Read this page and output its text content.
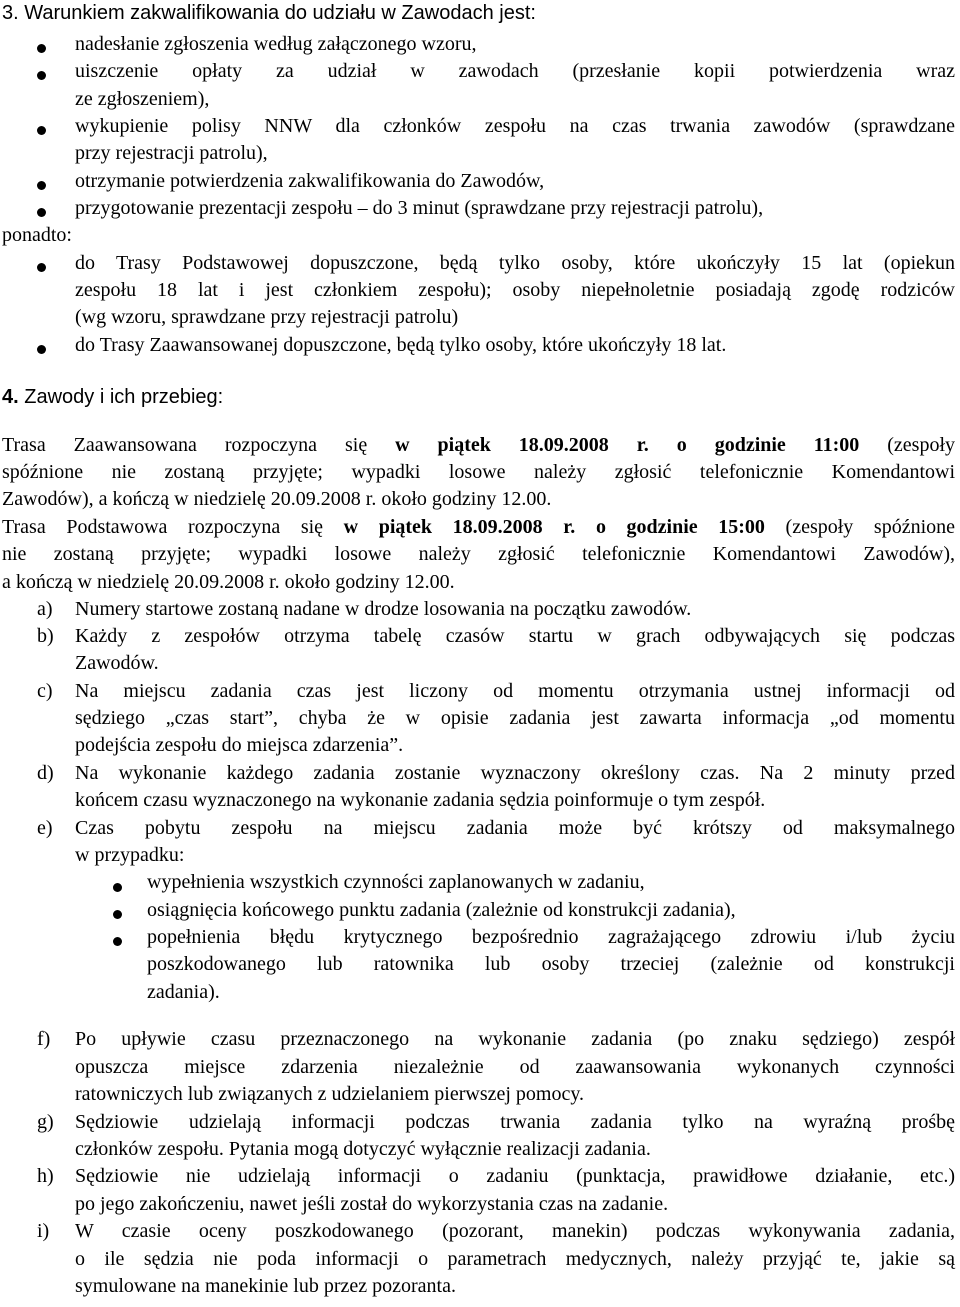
3. Warunkiem zakwalifikowania do udziału w Zawodach jest:
nadesłanie zgłoszenia według załączonego wzoru,
uiszczenie opłaty za udział w zawodach (przesłanie kopii potwierdzenia wraz
ze zgłoszeniem),
wykupienie polisy NNW dla członków zespołu na czas trwania zawodów (sprawdzane
przy rejestracji patrolu),
otrzymanie potwierdzenia zakwalifikowania do Zawodów,
przygotowanie prezentacji zespołu – do 3 minut (sprawdzane przy rejestracji patrolu),
ponadto:
do Trasy Podstawowej dopuszczone, będą tylko osoby, które ukończyły 15 lat (opiekun
zespołu 18 lat i jest członkiem zespołu); osoby niepełnoletnie posiadają zgodę rodziców
(wg wzoru, sprawdzane przy rejestracji patrolu)
do Trasy Zaawansowanej dopuszczone, będą tylko osoby, które ukończyły 18 lat.
4. Zawody i ich przebieg:
Trasa Zaawansowana rozpoczyna się w piątek 18.09.2008 r. o godzinie 11:00 (zespoły
spóźnione nie zostaną przyjęte; wypadki losowe należy zgłosić telefonicznie Komendantowi
Zawodów), a kończą w niedzielę 20.09.2008 r. około godziny 12.00.
Trasa Podstawowa rozpoczyna się w piątek 18.09.2008 r. o godzinie 15:00 (zespoły spóźnione
nie zostaną przyjęte; wypadki losowe należy zgłosić telefonicznie Komendantowi Zawodów),
a kończą w niedzielę 20.09.2008 r. około godziny 12.00.
a) Numery startowe zostaną nadane w drodze losowania na początku zawodów.
b) Każdy z zespołów otrzyma tabelę czasów startu w grach odbywających się podczas
Zawodów.
c) Na miejscu zadania czas jest liczony od momentu otrzymania ustnej informacji od
sędziego „czas start”, chyba że w opisie zadania jest zawarta informacja „od momentu
podejścia zespołu do miejsca zdarzenia”.
d) Na wykonanie każdego zadania zostanie wyznaczony określony czas. Na 2 minuty przed
końcem czasu wyznaczonego na wykonanie zadania sędzia poinformuje o tym zespół.
e) Czas pobytu zespołu na miejscu zadania może być krótszy od maksymalnego
w przypadku:
wypełnienia wszystkich czynności zaplanowanych w zadaniu,
osiągnięcia końcowego punktu zadania (zależnie od konstrukcji zadania),
popełnienia błędu krytycznego bezpośrednio zagrażającego zdrowiu i/lub życiu
poszkodowanego lub ratownika lub osoby trzeciej (zależnie od konstrukcji
zadania).
f) Po upływie czasu przeznaczonego na wykonanie zadania (po znaku sędziego) zespół
opuszcza miejsce zdarzenia niezależnie od zaawansowania wykonanych czynności
ratowniczych lub związanych z udzielaniem pierwszej pomocy.
g) Sędziowie udzielają informacji podczas trwania zadania tylko na wyraźną prośbę
członków zespołu. Pytania mogą dotyczyć wyłącznie realizacji zadania.
h) Sędziowie nie udzielają informacji o zadaniu (punktacja, prawidłowe działanie, etc.)
po jego zakończeniu, nawet jeśli został do wykorzystania czas na zadanie.
i) W czasie oceny poszkodowanego (pozorant, manekin) podczas wykonywania zadania,
o ile sędzia nie poda informacji o parametrach medycznych, należy przyjąć te, jakie są
symulowane na manekinie lub przez pozoranta.
